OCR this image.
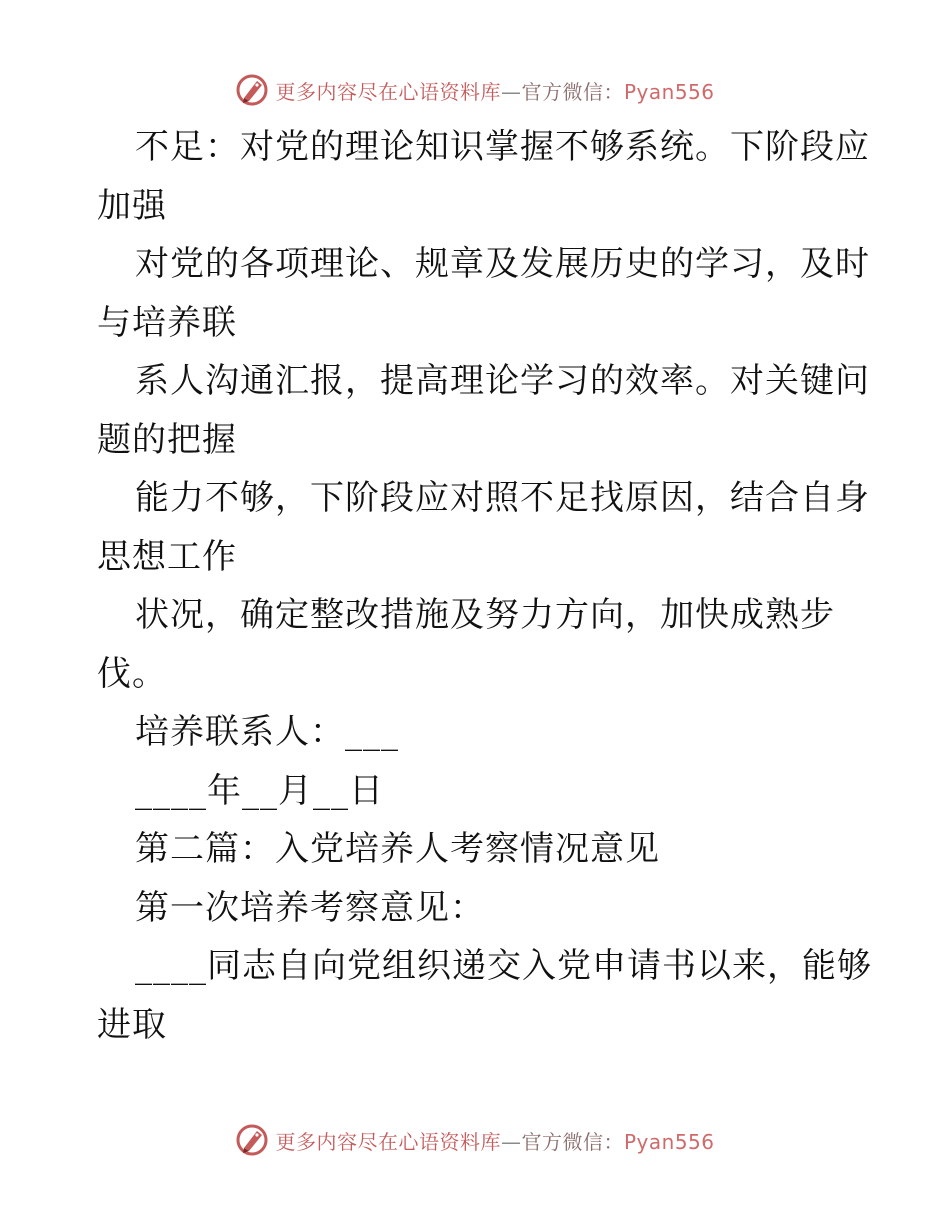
更多内容尽在心语资料库—官方微信：Pyan556
不足：对党的理论知识掌握不够系统。下阶段应
加强
对党的各项理论、规章及发展历史的学习，及时
与培养联
系人沟通汇报，提高理论学习的效率。对关键问
题的把握
能力不够，下阶段应对照不足找原因，结合自身
思想工作
状况，确定整改措施及努力方向，加快成熟步
伐。
培养联系人：___
____年__月__日
第二篇：入党培养人考察情况意见
第一次培养考察意见：
____同志自向党组织递交入党申请书以来，能够
进取
更多内容尽在心语资料库—官方微信：Pyan556
